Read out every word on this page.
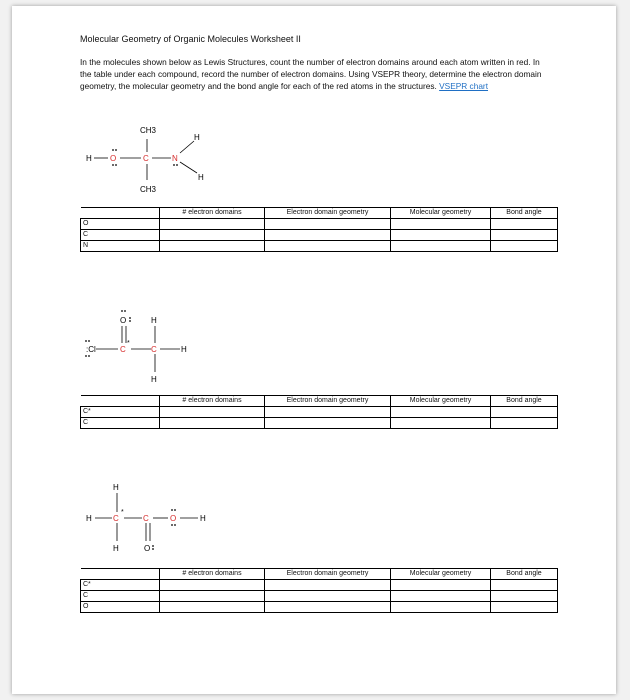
Molecular Geometry of Organic Molecules Worksheet II
In the molecules shown below as Lewis Structures, count the number of electron domains around each atom written in red. In the table under each compound, record the number of electron domains. Using VSEPR theory, determine the electron domain geometry, the molecular geometry and the bond angle for each of the red atoms in the structures. VSEPR chart
H O	C	N
H
H
CH3
CH3
:Cl	C
*
C
O	H
H
H
H
H	C
*
C	O	H
H	O
	# electron domains	Electron domain geometry	Molecular geometry	Bond angle
O				
C				
N				
	# electron domains	Electron domain geometry	Molecular geometry	Bond angle
C*				
C				
	# electron domains	Electron domain geometry	Molecular geometry	Bond angle
C*				
C				
O				
